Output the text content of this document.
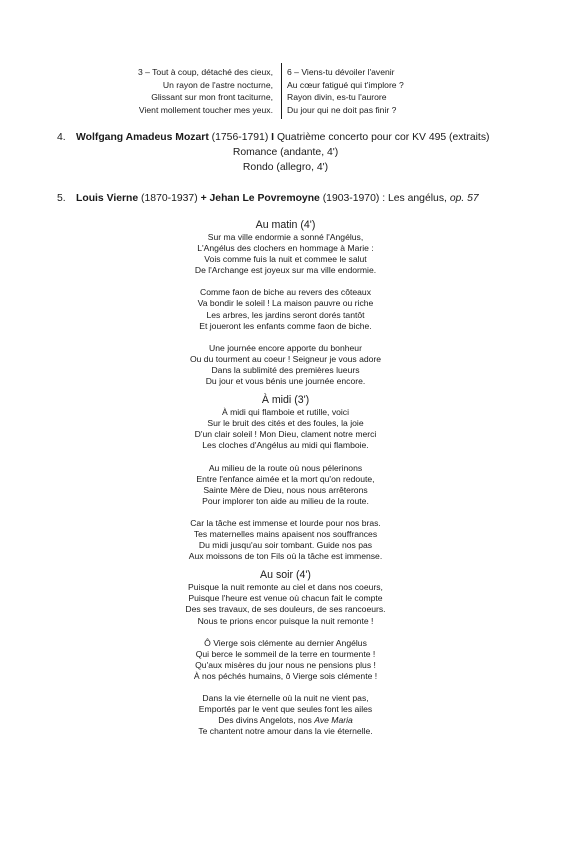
3 – Tout à coup, détaché des cieux,
Un rayon de l'astre nocturne,
Glissant sur mon front taciturne,
Vient mollement toucher mes yeux.
6 – Viens-tu dévoiler l'avenir
Au cœur fatigué qui t'implore ?
Rayon divin, es-tu l'aurore
Du jour qui ne doit pas finir ?
4. Wolfgang Amadeus Mozart (1756-1791) I Quatrième concerto pour cor KV 495 (extraits)
Romance (andante, 4')
Rondo (allegro, 4')
5. Louis Vierne (1870-1937) + Jehan Le Povremoyne (1903-1970) : Les angélus, op. 57
Au matin (4')
Sur ma ville endormie a sonné l'Angélus,
L'Angélus des clochers en hommage à Marie :
Vois comme fuis la nuit et commee le salut
De l'Archange est joyeux sur ma ville endormie.
Comme faon de biche au revers des côteaux
Va bondir le soleil ! La maison pauvre ou riche
Les arbres, les jardins seront dorés tantôt
Et joueront les enfants comme faon de biche.
Une journée encore apporte du bonheur
Ou du tourment au coeur ! Seigneur je vous adore
Dans la sublimité des premières lueurs
Du jour et vous bénis une journée encore.
À midi (3')
À midi qui flamboie et rutille, voici
Sur le bruit des cités et des foules, la joie
D'un clair soleil ! Mon Dieu, clament notre merci
Les cloches d'Angélus au midi qui flamboie.
Au milieu de la route où nous pélerinons
Entre l'enfance aimée et la mort qu'on redoute,
Sainte Mère de Dieu, nous nous arrêterons
Pour implorer ton aide au milieu de la route.
Car la tâche est immense et lourde pour nos bras.
Tes maternelles mains apaisent nos souffrances
Du midi jusqu'au soir tombant. Guide nos pas
Aux moissons de ton Fils où la tâche est immense.
Au soir (4')
Puisque la nuit remonte au ciel et dans nos coeurs,
Puisque l'heure est venue où chacun fait le compte
Des ses travaux, de ses douleurs, de ses rancoeurs.
Nous te prions encor puisque la nuit remonte !
Ô Vierge sois clémente au dernier Angélus
Qui berce le sommeil de la terre en tourmente !
Qu'aux misères du jour nous ne pensions plus !
À nos péchés humains, ô Vierge sois clémente !
Dans la vie éternelle où la nuit ne vient pas,
Emportés par le vent que seules font les ailes
Des divins Angelots, nos Ave Maria
Te chantent notre amour dans la vie éternelle.
